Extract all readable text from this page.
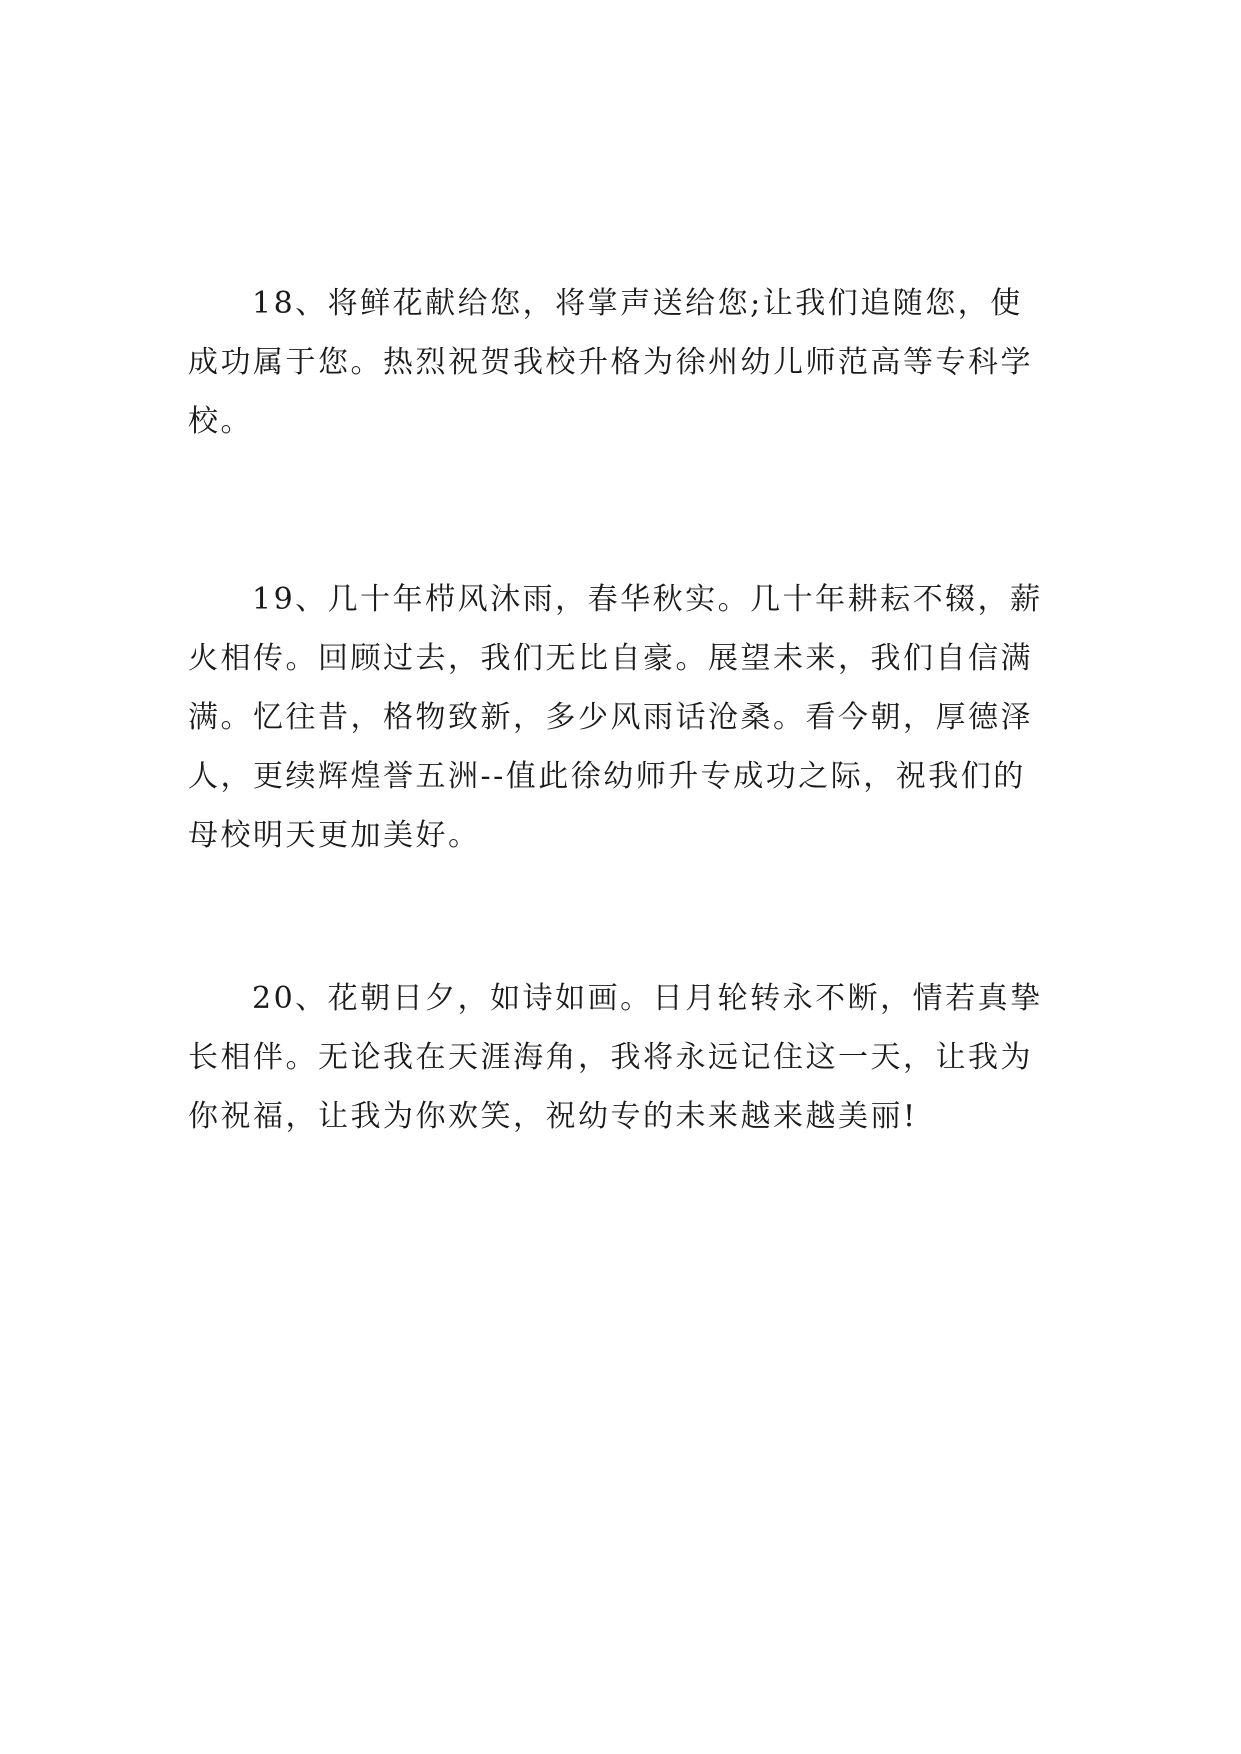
18、将鲜花献给您，将掌声送给您;让我们追随您，使
成功属于您。热烈祝贺我校升格为徐州幼儿师范高等专科学
校。

19、几十年栉风沐雨，春华秋实。几十年耕耘不辍，薪
火相传。回顾过去，我们无比自豪。展望未来，我们自信满
满。忆往昔，格物致新，多少风雨话沧桑。看今朝，厚德泽
人，更续辉煌誉五洲--值此徐幼师升专成功之际，祝我们的
母校明天更加美好。

20、花朝日夕，如诗如画。日月轮转永不断，情若真挚
长相伴。无论我在天涯海角，我将永远记住这一天，让我为
你祝福，让我为你欢笑，祝幼专的未来越来越美丽!
